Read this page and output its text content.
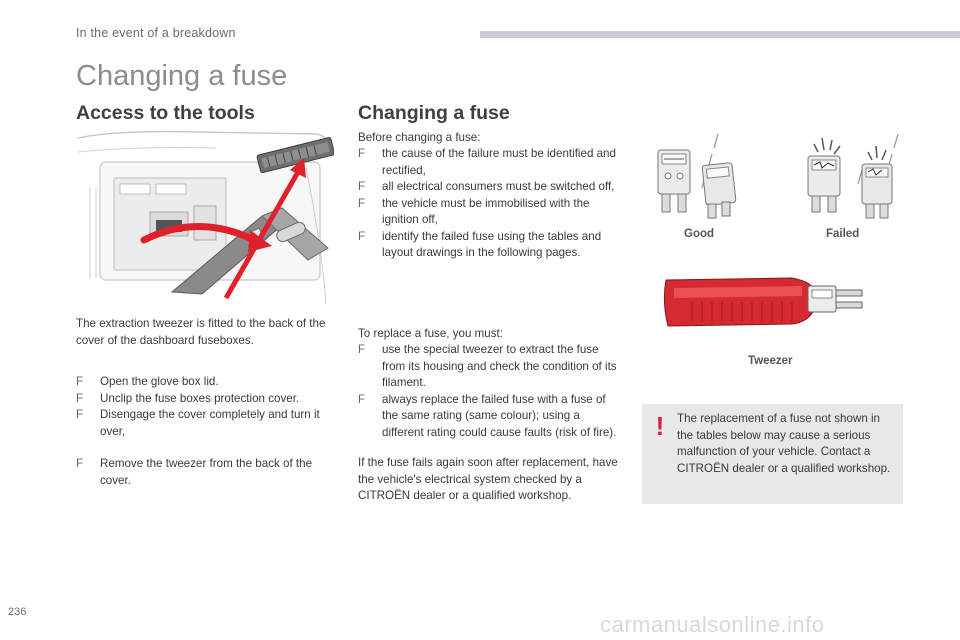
In the event of a breakdown
Changing a fuse
Access to the tools
The extraction tweezer is fitted to the back of the cover of the dashboard fuseboxes.
F	Open the glove box lid.
F	Unclip the fuse boxes protection cover.
F	Disengage the cover completely and turn it over,
F	Remove the tweezer from the back of the cover.
Changing a fuse
Before changing a fuse:
F	the cause of the failure must be identified and rectified,
F	all electrical consumers must be switched off,
F	the vehicle must be immobilised with the ignition off,
F	identify the failed fuse using the tables and layout drawings in the following pages.
To replace a fuse, you must:
F	use the special tweezer to extract the fuse from its housing and check the condition of its filament.
F	always replace the failed fuse with a fuse of the same rating (same colour); using a different rating could cause faults (risk of fire).
If the fuse fails again soon after replacement, have the vehicle's electrical system checked by a CITROËN dealer or a qualified workshop.
Good	Failed
Tweezer
!	The replacement of a fuse not shown in the tables below may cause a serious malfunction of your vehicle. Contact a CITROËN dealer or a qualified workshop.
236	carmanualsonline.info
